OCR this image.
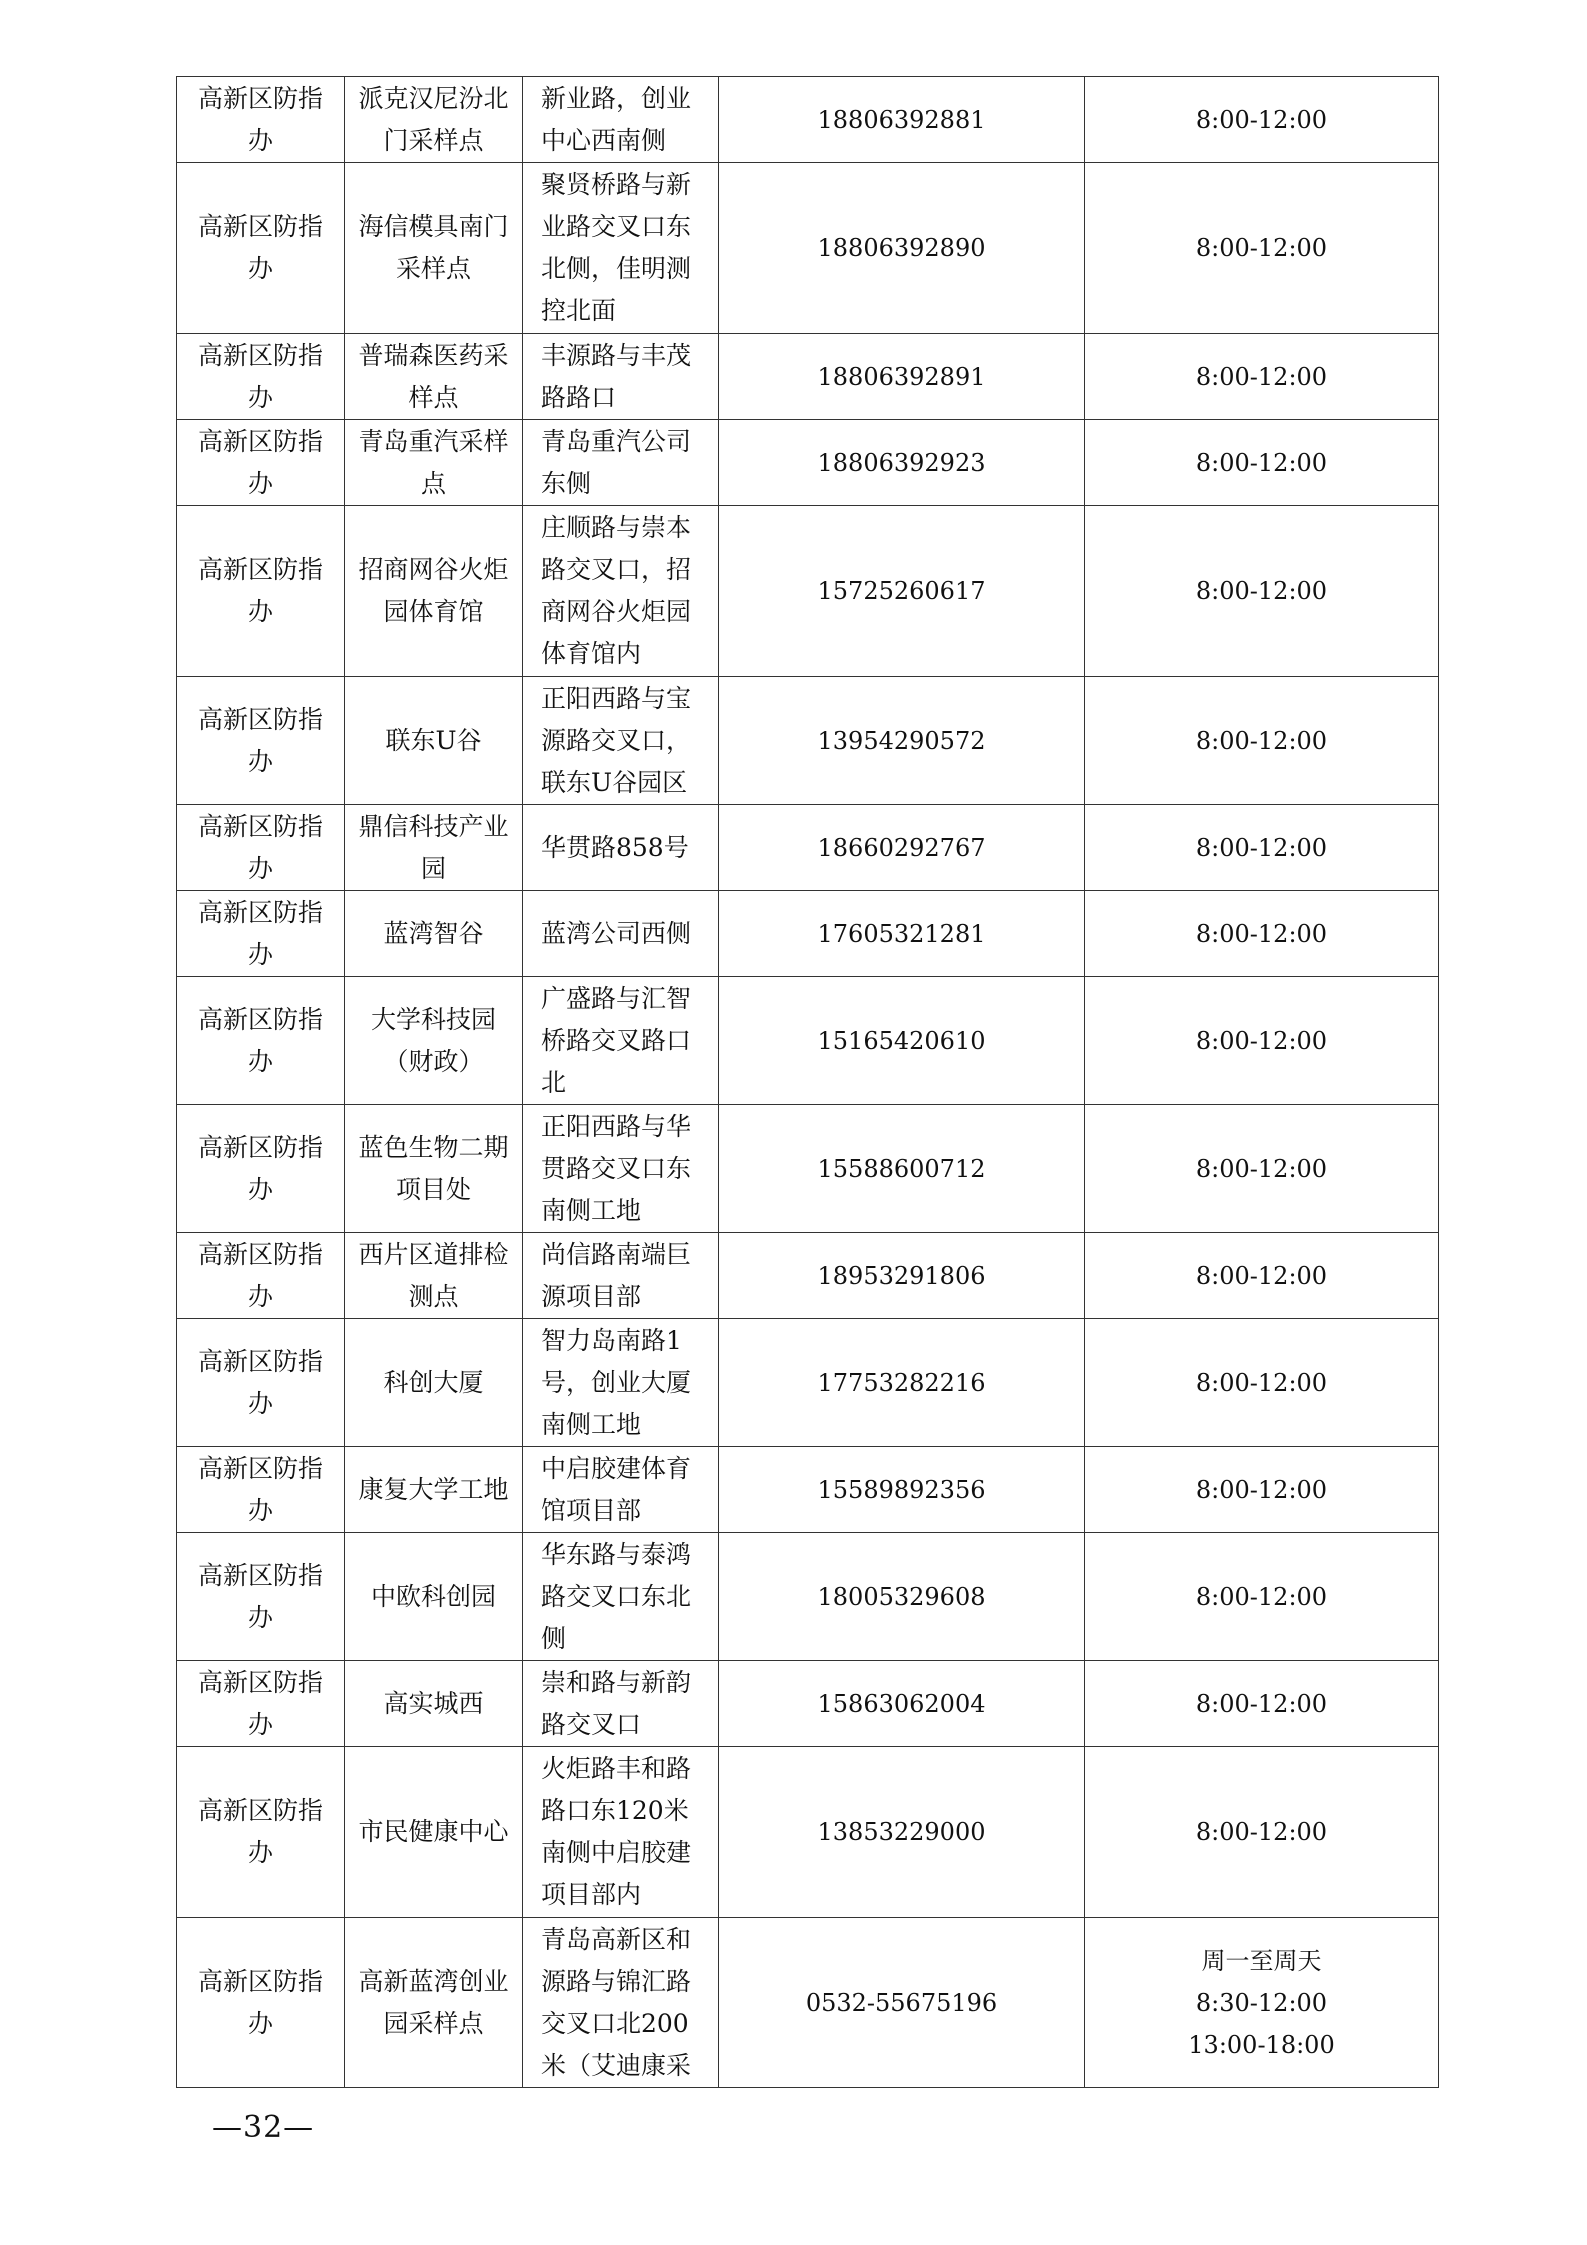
高新区防指办	派克汉尼汾北门采样点	新业路，创业中心西南侧	18806392881	8:00-12:00
高新区防指办	海信模具南门采样点	聚贤桥路与新业路交叉口东北侧，佳明测控北面	18806392890	8:00-12:00
高新区防指办	普瑞森医药采样点	丰源路与丰茂路路口	18806392891	8:00-12:00
高新区防指办	青岛重汽采样点	青岛重汽公司东侧	18806392923	8:00-12:00
高新区防指办	招商网谷火炬园体育馆	庄顺路与崇本路交叉口，招商网谷火炬园体育馆内	15725260617	8:00-12:00
高新区防指办	联东U谷	正阳西路与宝源路交叉口，联东U谷园区	13954290572	8:00-12:00
高新区防指办	鼎信科技产业园	华贯路858号	18660292767	8:00-12:00
高新区防指办	蓝湾智谷	蓝湾公司西侧	17605321281	8:00-12:00
高新区防指办	大学科技园（财政）	广盛路与汇智桥路交叉路口北	15165420610	8:00-12:00
高新区防指办	蓝色生物二期项目处	正阳西路与华贯路交叉口东南侧工地	15588600712	8:00-12:00
高新区防指办	西片区道排检测点	尚信路南端巨源项目部	18953291806	8:00-12:00
高新区防指办	科创大厦	智力岛南路1号，创业大厦南侧工地	17753282216	8:00-12:00
高新区防指办	康复大学工地	中启胶建体育馆项目部	15589892356	8:00-12:00
高新区防指办	中欧科创园	华东路与泰鸿路交叉口东北侧	18005329608	8:00-12:00
高新区防指办	高实城西	崇和路与新韵路交叉口	15863062004	8:00-12:00
高新区防指办	市民健康中心	火炬路丰和路路口东120米南侧中启胶建项目部内	13853229000	8:00-12:00
高新区防指办	高新蓝湾创业园采样点	青岛高新区和源路与锦汇路交叉口北200米（艾迪康采	0532-55675196	周一至周天
8:30-12:00
13:00-18:00
—32—
